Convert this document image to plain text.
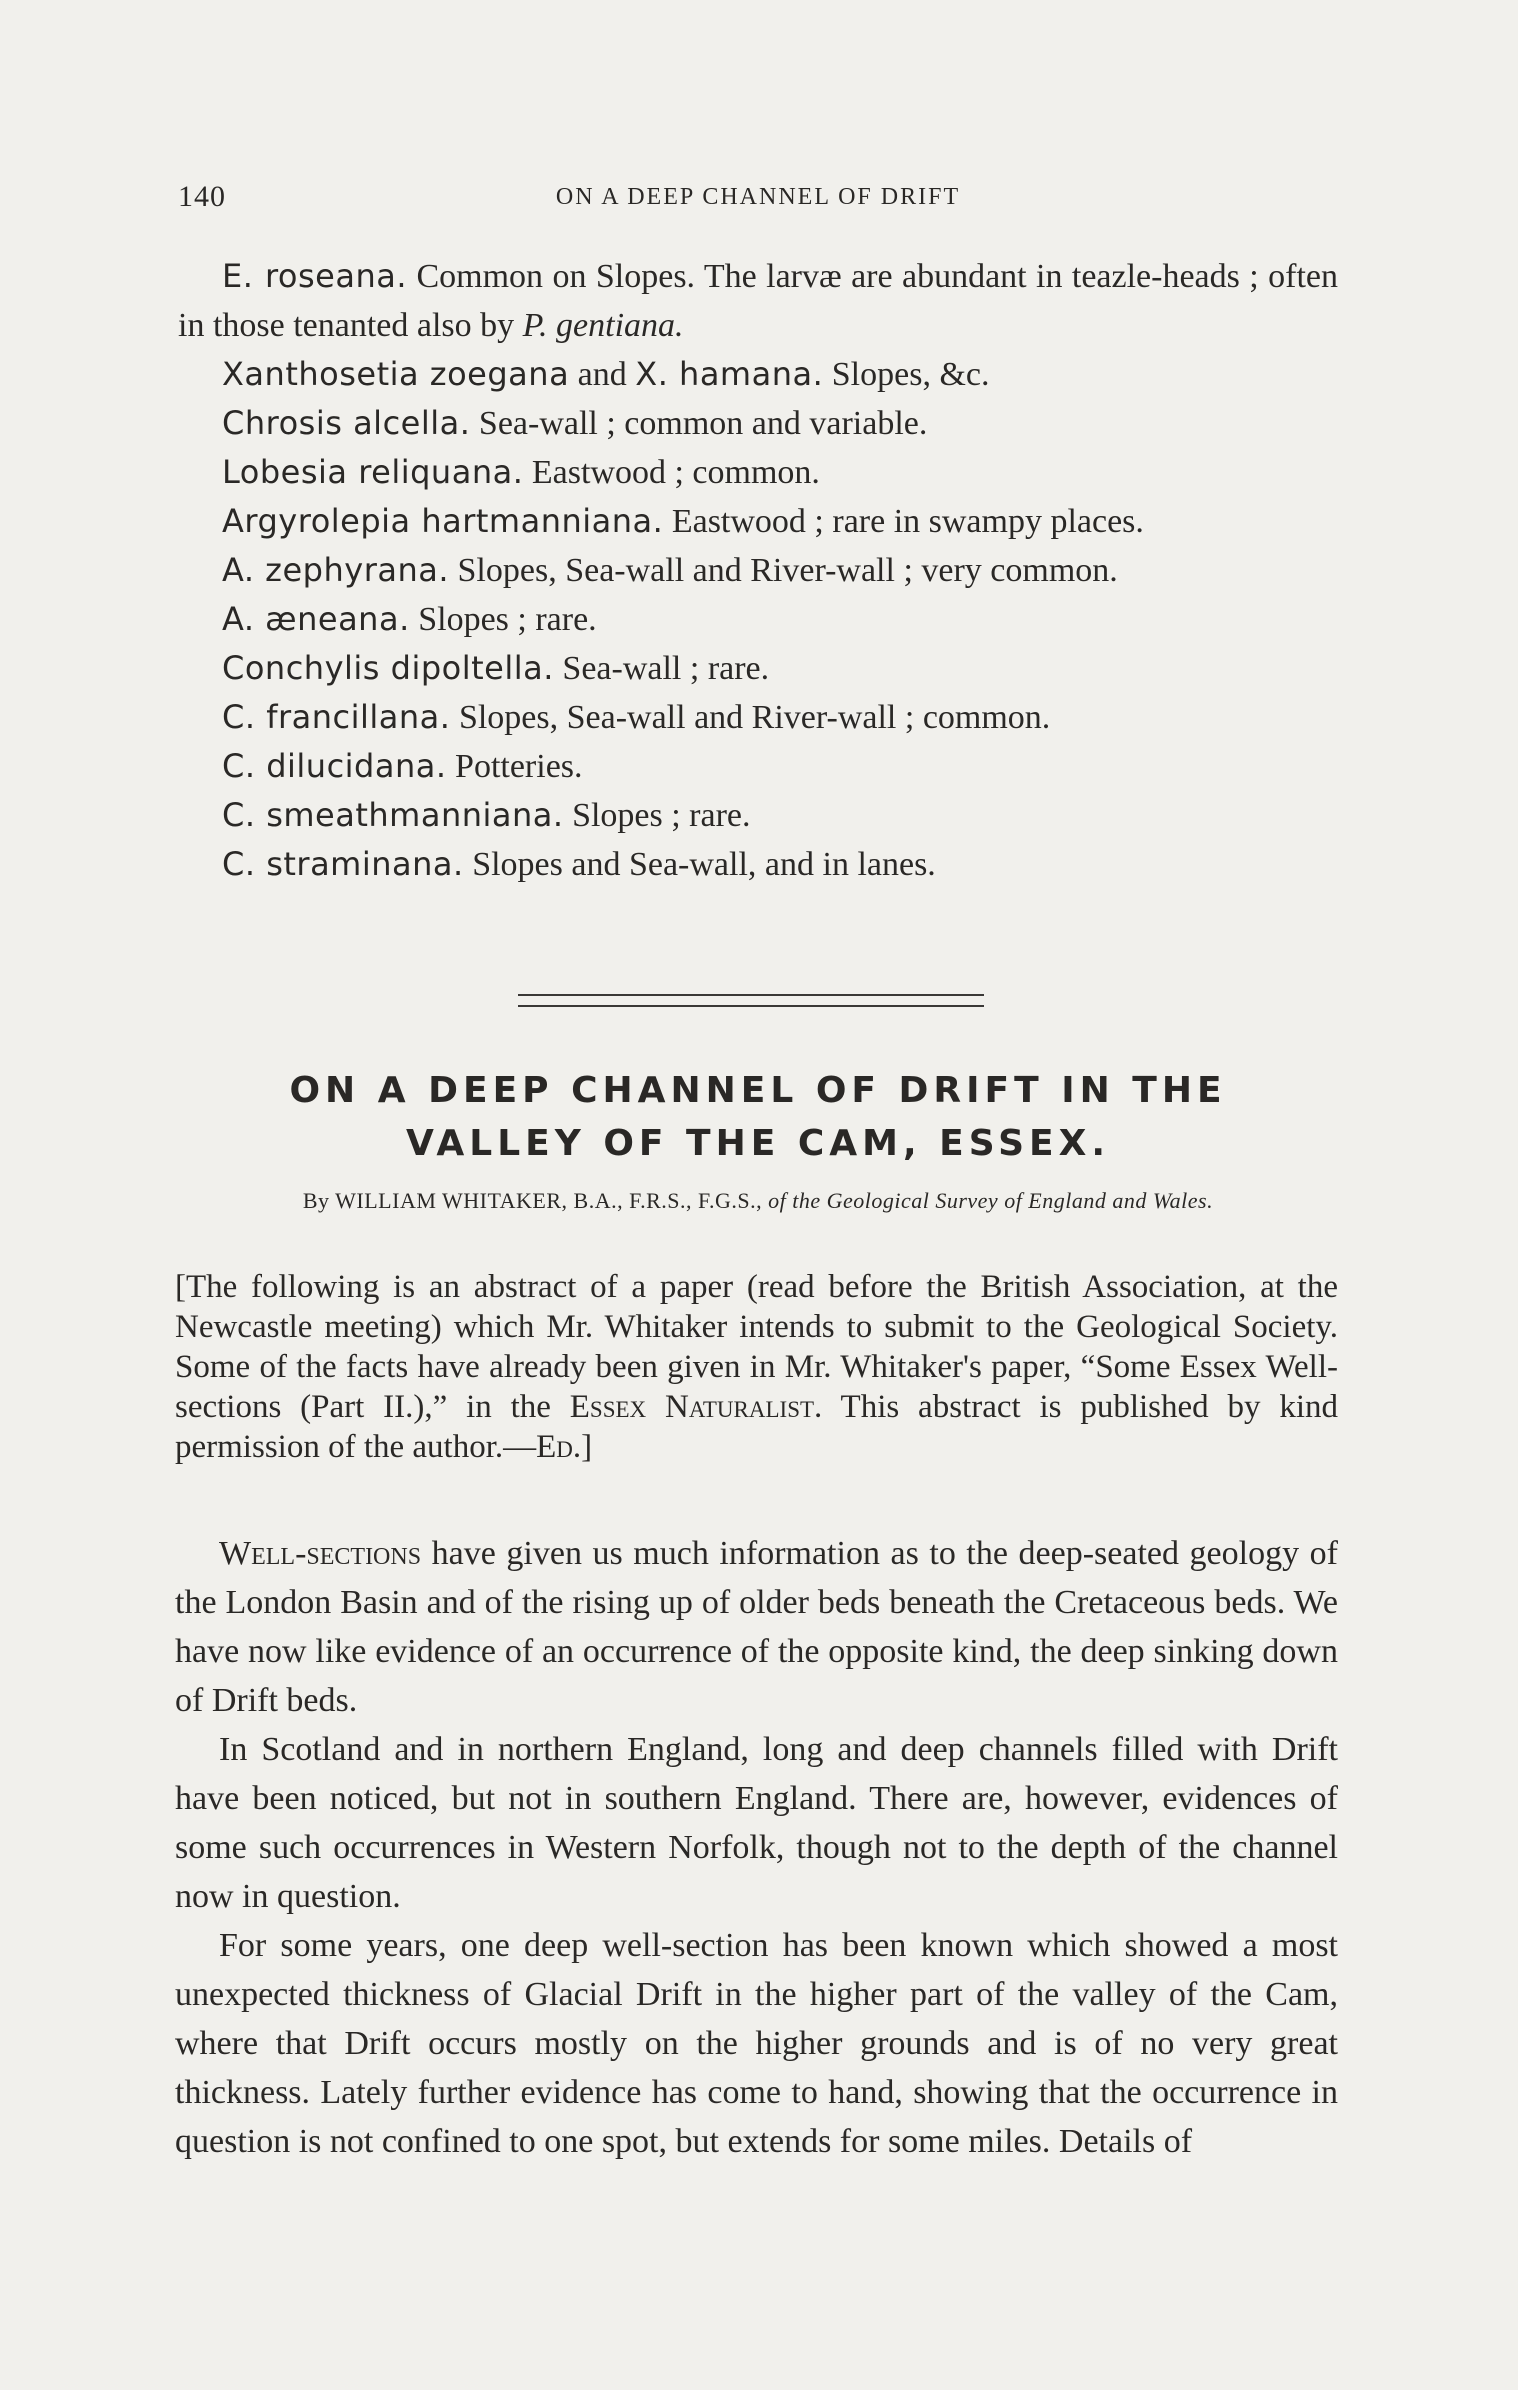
140	ON A DEEP CHANNEL OF DRIFT
E. roseana. Common on Slopes. The larvæ are abundant in teazle-heads ; often in those tenanted also by P. gentiana.
Xanthosetia zoegana and X. hamana. Slopes, &c.
Chrosis alcella. Sea-wall ; common and variable.
Lobesia reliquana. Eastwood ; common.
Argyrolepia hartmanniana. Eastwood ; rare in swampy places.
A. zephyrana. Slopes, Sea-wall and River-wall ; very common.
A. æneana. Slopes ; rare.
Conchylis dipoltella. Sea-wall ; rare.
C. francillana. Slopes, Sea-wall and River-wall ; common.
C. dilucidana. Potteries.
C. smeathmanniana. Slopes ; rare.
C. straminana. Slopes and Sea-wall, and in lanes.
ON A DEEP CHANNEL OF DRIFT IN THE
VALLEY OF THE CAM, ESSEX.
By WILLIAM WHITAKER, B.A., F.R.S., F.G.S., of the Geological Survey of England and Wales.

[The following is an abstract of a paper (read before the British Association, at the Newcastle meeting) which Mr. Whitaker intends to submit to the Geological Society. Some of the facts have already been given in Mr. Whitaker's paper, “Some Essex Well-sections (Part II.),” in the Essex Naturalist. This abstract is published by kind permission of the author.—Ed.]

Well-sections have given us much information as to the deep-seated geology of the London Basin and of the rising up of older beds beneath the Cretaceous beds. We have now like evidence of an occurrence of the opposite kind, the deep sinking down of Drift beds.

In Scotland and in northern England, long and deep channels filled with Drift have been noticed, but not in southern England. There are, however, evidences of some such occurrences in Western Norfolk, though not to the depth of the channel now in question.

For some years, one deep well-section has been known which showed a most unexpected thickness of Glacial Drift in the higher part of the valley of the Cam, where that Drift occurs mostly on the higher grounds and is of no very great thickness. Lately further evidence has come to hand, showing that the occurrence in question is not confined to one spot, but extends for some miles. Details of
